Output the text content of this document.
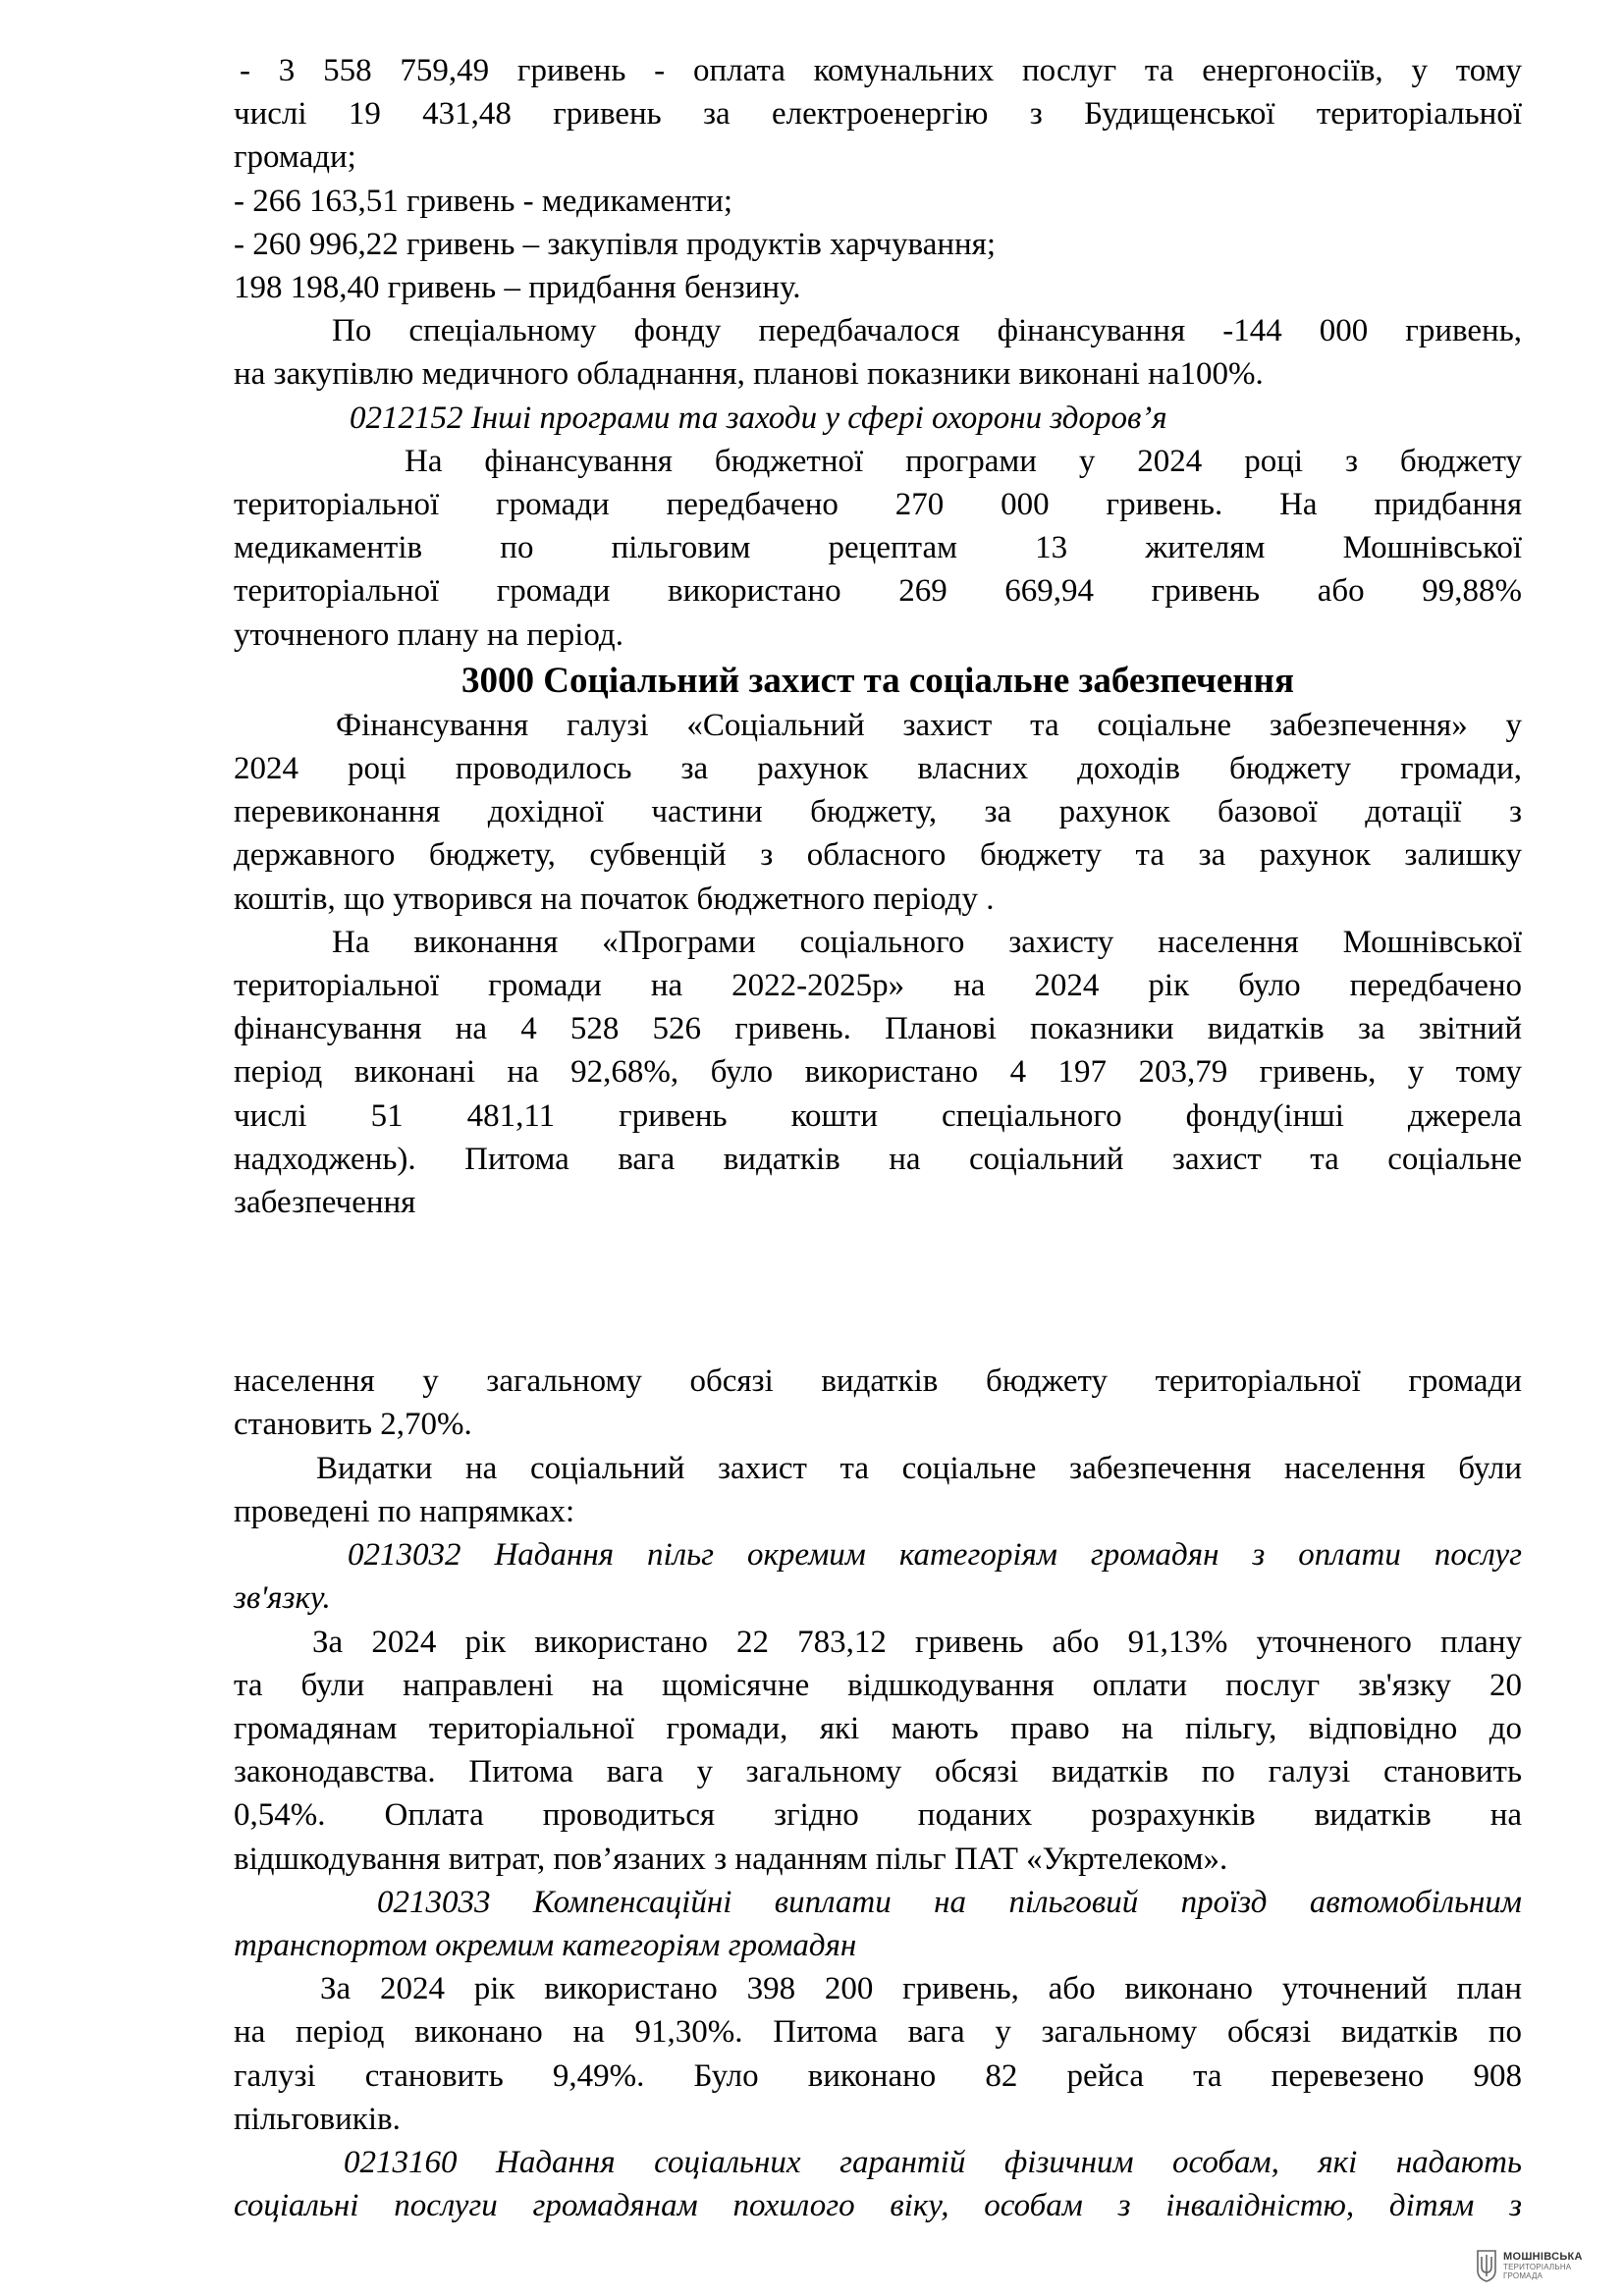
- 3 558 759,49 гривень - оплата комунальних послуг та енергоносіїв, у тому

числі 19 431,48 гривень за електроенергію з Будищенської територіальної

громади;

- 266 163,51 гривень - медикаменти;

- 260 996,22 гривень – закупівля продуктів харчування;

198 198,40 гривень – придбання бензину.

По спеціальному фонду передбачалося фінансування -144 000 гривень,

на закупівлю медичного обладнання, планові показники виконані на100%.

0212152 Інші програми та заходи у сфері охорони здоров’я

На фінансування бюджетної програми у 2024 році з бюджету

територіальної громади передбачено 270 000 гривень. На придбання

медикаментів по пільговим рецептам 13 жителям Мошнівської

територіальної громади використано 269 669,94 гривень або 99,88%

уточненого плану на період.

3000 Соціальний захист та соціальне забезпечення

Фінансування галузі «Соціальний захист та соціальне забезпечення» у

2024 році проводилось за рахунок власних доходів бюджету громади,

перевиконання дохідної частини бюджету, за рахунок базової дотації з

державного бюджету, субвенцій з обласного бюджету та за рахунок залишку

коштів, що утворився на початок бюджетного періоду .

На виконання «Програми соціального захисту населення Мошнівської

територіальної громади на 2022-2025р» на 2024 рік було передбачено

фінансування на 4 528 526 гривень. Планові показники видатків за звітний

період виконані на 92,68%, було використано 4 197 203,79 гривень, у тому

числі 51 481,11 гривень кошти спеціального фонду(інші джерела

надходжень). Питома вага видатків на соціальний захист та соціальне

забезпечення

населення у загальному обсязі видатків бюджету територіальної громади

становить 2,70%.

Видатки на соціальний захист та соціальне забезпечення населення були

проведені по напрямках:

0213032 Надання пільг окремим категоріям громадян з оплати послуг

зв'язку.

За 2024 рік використано 22 783,12 гривень або 91,13% уточненого плану

та були направлені на щомісячне відшкодування оплати послуг зв'язку 20

громадянам територіальної громади, які мають право на пільгу, відповідно до

законодавства. Питома вага у загальному обсязі видатків по галузі становить

0,54%. Оплата проводиться згідно поданих розрахунків видатків на

відшкодування витрат, пов’язаних з наданням пільг ПАТ «Укртелеком».

0213033 Компенсаційні виплати на пільговий проїзд автомобільним

транспортом окремим категоріям громадян

За 2024 рік використано 398 200 гривень, або виконано уточнений план

на період виконано на 91,30%. Питома вага у загальному обсязі видатків по

галузі становить 9,49%. Було виконано 82 рейса та перевезено 908

пільговиків.

0213160 Надання соціальних гарантій фізичним особам, які надають

соціальні послуги громадянам похилого віку, особам з інвалідністю, дітям з

МОШНІВСЬКА
ТЕРИТОРІАЛЬНА
ГРОМАДА
